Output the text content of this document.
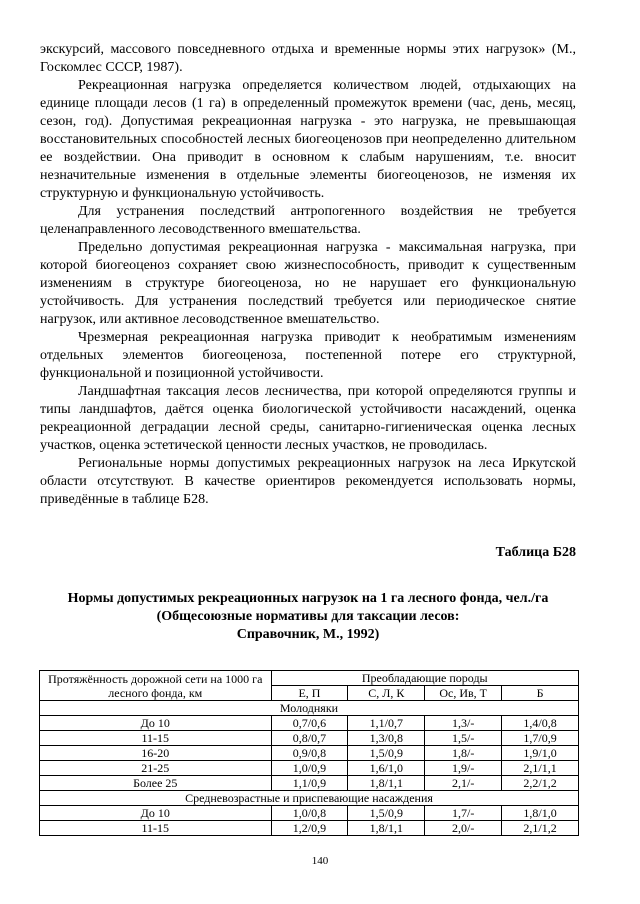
экскурсий, массового повседневного отдыха и временные нормы этих нагрузок» (М., Госкомлес СССР, 1987).

Рекреационная нагрузка определяется количеством людей, отдыхающих на единице площади лесов (1 га) в определенный промежуток времени (час, день, месяц, сезон, год). Допустимая рекреационная нагрузка - это нагрузка, не превышающая восстановительных способностей лесных биогеоценозов при неопределенно длительном ее воздействии. Она приводит в основном к слабым нарушениям, т.е. вносит незначительные изменения в отдельные элементы биогеоценозов, не изменяя их структурную и функциональную устойчивость.

Для устранения последствий антропогенного воздействия не требуется целенаправленного лесоводственного вмешательства.

Предельно допустимая рекреационная нагрузка - максимальная нагрузка, при которой биогеоценоз сохраняет свою жизнеспособность, приводит к существенным изменениям в структуре биогеоценоза, но не нарушает его функциональную устойчивость. Для устранения последствий требуется или периодическое снятие нагрузок, или активное лесоводственное вмешательство.

Чрезмерная рекреационная нагрузка приводит к необратимым изменениям отдельных элементов биогеоценоза, постепенной потере его структурной, функциональной и позиционной устойчивости.

Ландшафтная таксация лесов лесничества, при которой определяются группы и типы ландшафтов, даётся оценка биологической устойчивости насаждений, оценка рекреационной деградации лесной среды, санитарно-гигиеническая оценка лесных участков, оценка эстетической ценности лесных участков, не проводилась.

Региональные нормы допустимых рекреационных нагрузок на леса Иркутской области отсутствуют. В качестве ориентиров рекомендуется использовать нормы, приведённые в таблице Б28.

Таблица Б28
Нормы допустимых рекреационных нагрузок на 1 га лесного фонда, чел./га
(Общесоюзные нормативы для таксации лесов:
Справочник, М., 1992)
Протяжённость дорожной сети на 1000 га лесного фонда, км	Преобладающие породы			
	Е, П	С, Л, К	Ос, Ив, Т	Б
Молодняки				
До 10	0,7/0,6	1,1/0,7	1,3/-	1,4/0,8
11-15	0,8/0,7	1,3/0,8	1,5/-	1,7/0,9
16-20	0,9/0,8	1,5/0,9	1,8/-	1,9/1,0
21-25	1,0/0,9	1,6/1,0	1,9/-	2,1/1,1
Более 25	1,1/0,9	1,8/1,1	2,1/-	2,2/1,2
Средневозрастные и приспевающие насаждения				
До 10	1,0/0,8	1,5/0,9	1,7/-	1,8/1,0
11-15	1,2/0,9	1,8/1,1	2,0/-	2,1/1,2
140
